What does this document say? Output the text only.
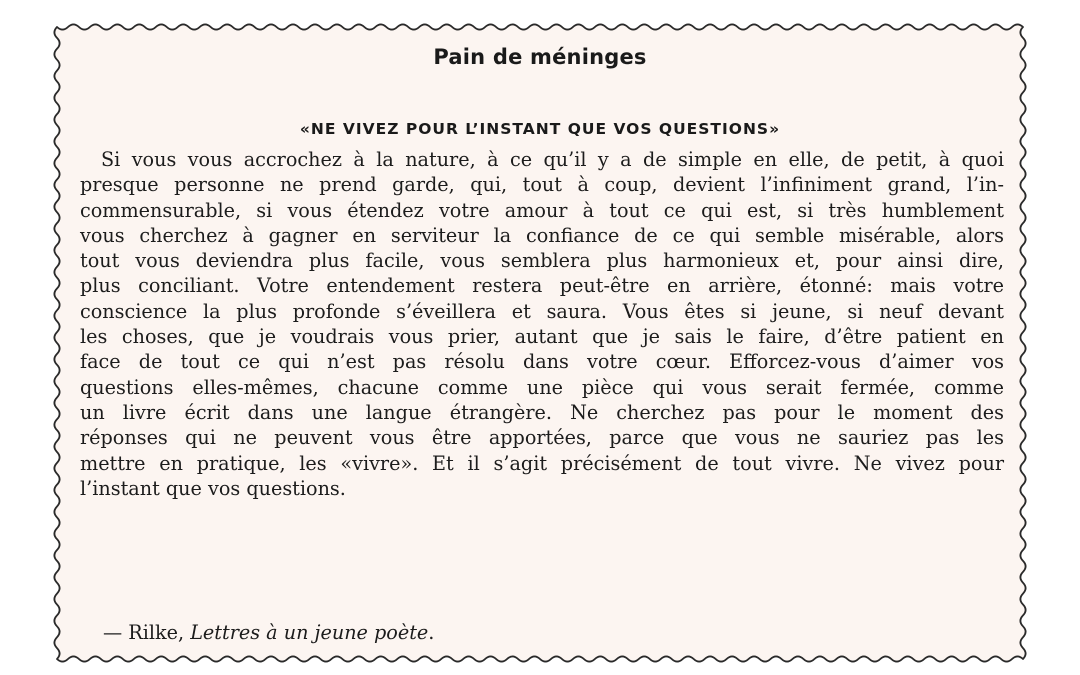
Pain de méninges
«NE VIVEZ POUR L’INSTANT QUE VOS QUESTIONS»
Si vous vous accrochez à la nature, à ce qu’il y a de simple en elle, de petit, à quoi
presque personne ne prend garde, qui, tout à coup, devient l’infiniment grand, l’in-
commensurable, si vous étendez votre amour à tout ce qui est, si très humblement
vous cherchez à gagner en serviteur la confiance de ce qui semble misérable, alors
tout vous deviendra plus facile, vous semblera plus harmonieux et, pour ainsi dire,
plus conciliant. Votre entendement restera peut-être en arrière, étonné: mais votre
conscience la plus profonde s’éveillera et saura. Vous êtes si jeune, si neuf devant
les choses, que je voudrais vous prier, autant que je sais le faire, d’être patient en
face de tout ce qui n’est pas résolu dans votre cœur. Efforcez-vous d’aimer vos
questions elles-mêmes, chacune comme une pièce qui vous serait fermée, comme
un livre écrit dans une langue étrangère. Ne cherchez pas pour le moment des
réponses qui ne peuvent vous être apportées, parce que vous ne sauriez pas les
mettre en pratique, les «vivre». Et il s’agit précisément de tout vivre. Ne vivez pour
l’instant que vos questions.
— Rilke, Lettres à un jeune poète.
